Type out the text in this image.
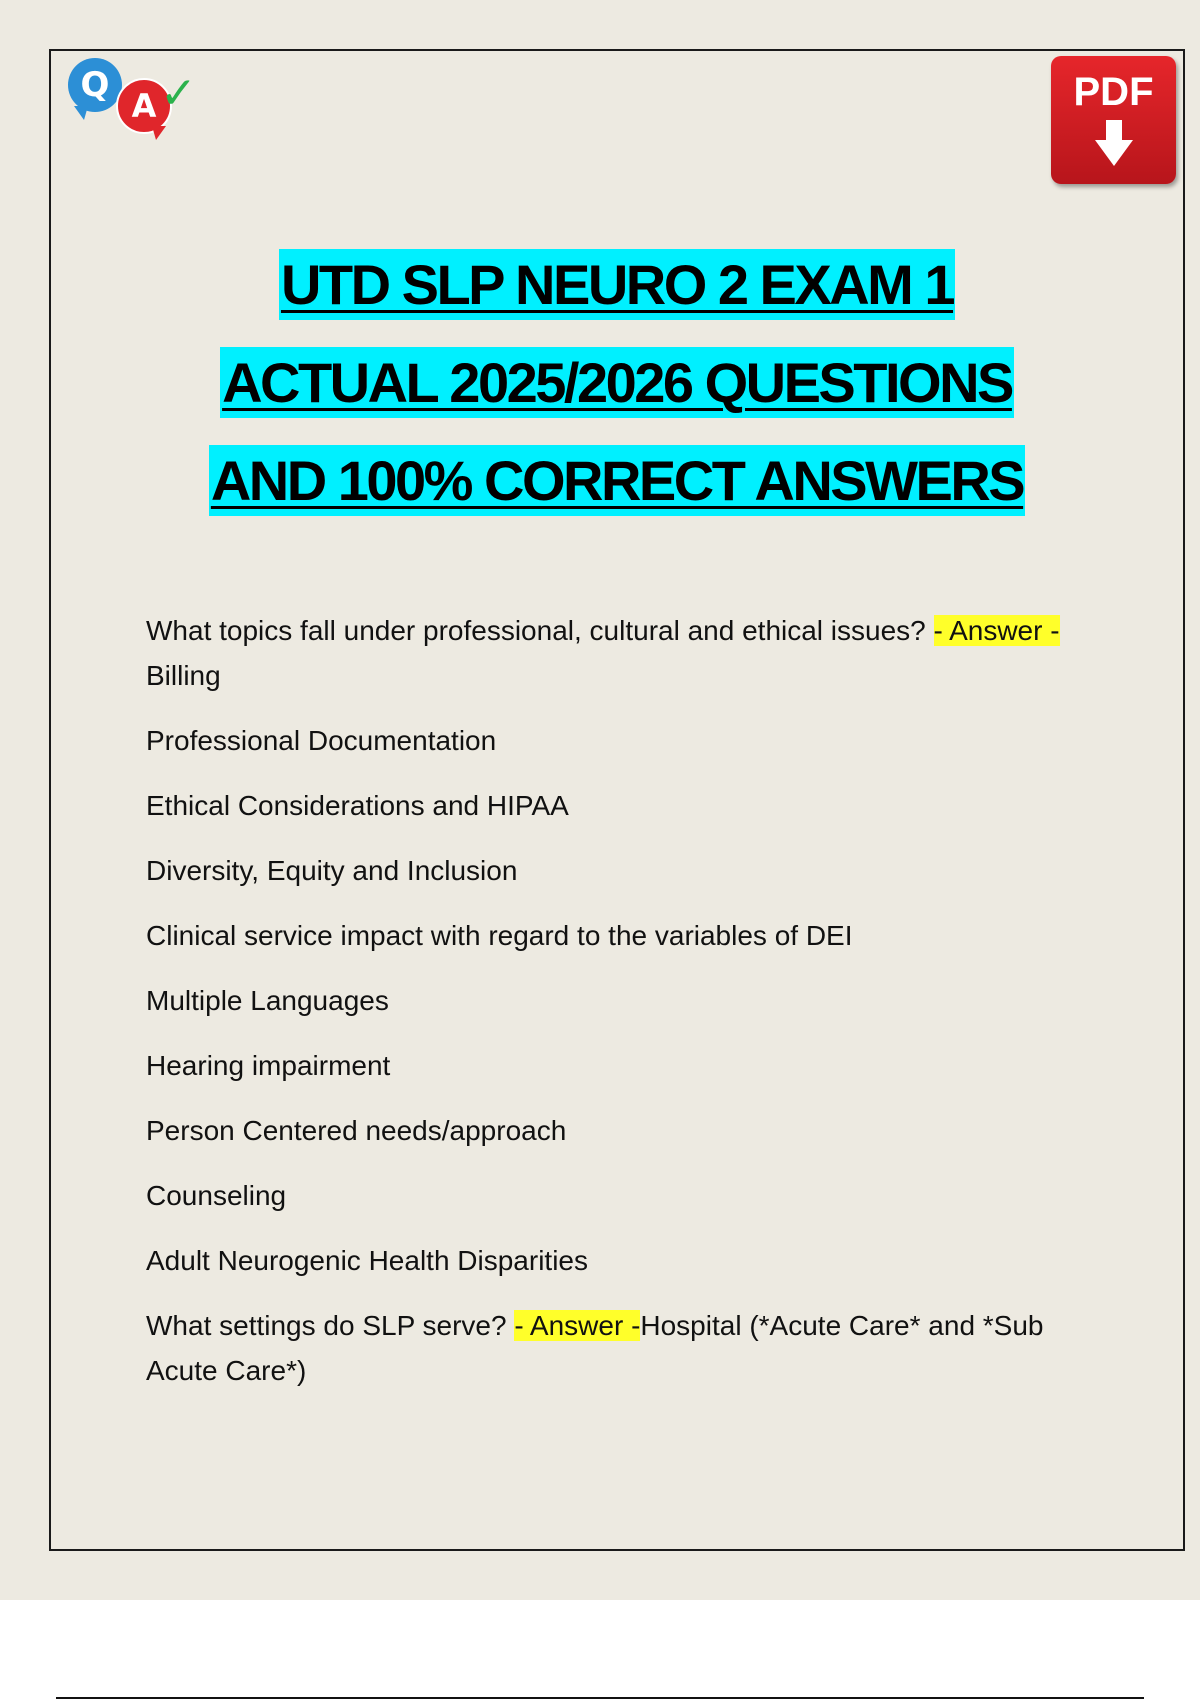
Q
A ✓	PDF
UTD SLP NEURO 2 EXAM 1
ACTUAL 2025/2026 QUESTIONS
AND 100% CORRECT ANSWERS

What topics fall under professional, cultural and ethical issues? - Answer -Billing

Professional Documentation

Ethical Considerations and HIPAA

Diversity, Equity and Inclusion

Clinical service impact with regard to the variables of DEI

Multiple Languages

Hearing impairment

Person Centered needs/approach

Counseling

Adult Neurogenic Health Disparities

What settings do SLP serve? - Answer -Hospital (*Acute Care* and *Sub Acute Care*)
